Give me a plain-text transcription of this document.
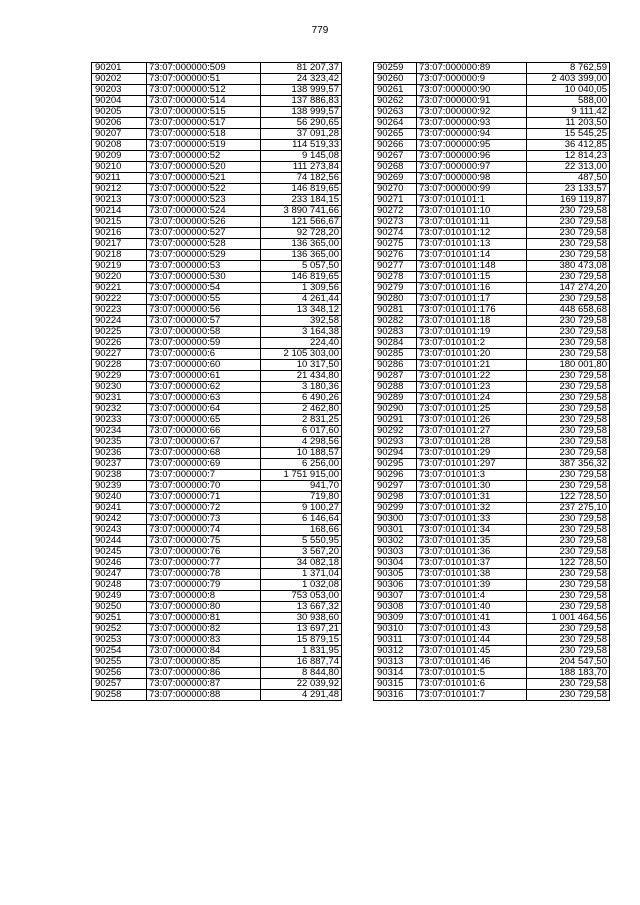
779
90201	73:07:000000:509	81 207,37
90202	73:07:000000:51	24 323,42
90203	73:07:000000:512	138 999,57
90204	73:07:000000:514	137 886,83
90205	73:07:000000:515	138 999,57
90206	73:07:000000:517	56 290,65
90207	73:07:000000:518	37 091,28
90208	73:07:000000:519	114 519,33
90209	73:07:000000:52	9 145,08
90210	73:07:000000:520	111 273,84
90211	73:07:000000:521	74 182,56
90212	73:07:000000:522	146 819,65
90213	73:07:000000:523	233 184,15
90214	73:07:000000:524	3 890 741,66
90215	73:07:000000:526	121 566,67
90216	73:07:000000:527	92 728,20
90217	73:07:000000:528	136 365,00
90218	73:07:000000:529	136 365,00
90219	73:07:000000:53	5 057,50
90220	73:07:000000:530	146 819,65
90221	73:07:000000:54	1 309,56
90222	73:07:000000:55	4 261,44
90223	73:07:000000:56	13 348,12
90224	73:07:000000:57	392,58
90225	73:07:000000:58	3 164,38
90226	73:07:000000:59	224,40
90227	73:07:000000:6	2 105 303,00
90228	73:07:000000:60	10 317,50
90229	73:07:000000:61	21 434,80
90230	73:07:000000:62	3 180,36
90231	73:07:000000:63	6 490,26
90232	73:07:000000:64	2 462,80
90233	73:07:000000:65	2 831,25
90234	73:07:000000:66	6 017,60
90235	73:07:000000:67	4 298,56
90236	73:07:000000:68	10 188,57
90237	73:07:000000:69	6 256,00
90238	73:07:000000:7	1 751 915,00
90239	73:07:000000:70	941,70
90240	73:07:000000:71	719,80
90241	73:07:000000:72	9 100,27
90242	73:07:000000:73	6 146,64
90243	73:07:000000:74	168,66
90244	73:07:000000:75	5 550,95
90245	73:07:000000:76	3 567,20
90246	73:07:000000:77	34 082,18
90247	73:07:000000:78	1 371,04
90248	73:07:000000:79	1 032,08
90249	73:07:000000:8	753 053,00
90250	73:07:000000:80	13 667,32
90251	73:07:000000:81	30 938,60
90252	73:07:000000:82	13 697,21
90253	73:07:000000:83	15 879,15
90254	73:07:000000:84	1 831,95
90255	73:07:000000:85	16 887,74
90256	73:07:000000:86	8 844,80
90257	73:07:000000:87	22 039,92
90258	73:07:000000:88	4 291,48
90259	73:07:000000:89	8 762,59
90260	73:07:000000:9	2 403 399,00
90261	73:07:000000:90	10 040,05
90262	73:07:000000:91	588,00
90263	73:07:000000:92	9 111,42
90264	73:07:000000:93	11 203,50
90265	73:07:000000:94	15 545,25
90266	73:07:000000:95	36 412,85
90267	73:07:000000:96	12 814,23
90268	73:07:000000:97	22 313,00
90269	73:07:000000:98	487,50
90270	73:07:000000:99	23 133,57
90271	73:07:010101:1	169 119,87
90272	73:07:010101:10	230 729,58
90273	73:07:010101:11	230 729,58
90274	73:07:010101:12	230 729,58
90275	73:07:010101:13	230 729,58
90276	73:07:010101:14	230 729,58
90277	73:07:010101:148	380 473,08
90278	73:07:010101:15	230 729,58
90279	73:07:010101:16	147 274,20
90280	73:07:010101:17	230 729,58
90281	73:07:010101:176	448 658,68
90282	73:07:010101:18	230 729,58
90283	73:07:010101:19	230 729,58
90284	73:07:010101:2	230 729,58
90285	73:07:010101:20	230 729,58
90286	73:07:010101:21	180 001,80
90287	73:07:010101:22	230 729,58
90288	73:07:010101:23	230 729,58
90289	73:07:010101:24	230 729,58
90290	73:07:010101:25	230 729,58
90291	73:07:010101:26	230 729,58
90292	73:07:010101:27	230 729,58
90293	73:07:010101:28	230 729,58
90294	73:07:010101:29	230 729,58
90295	73:07:010101:297	387 356,32
90296	73:07:010101:3	230 729,58
90297	73:07:010101:30	230 729,58
90298	73:07:010101:31	122 728,50
90299	73:07:010101:32	237 275,10
90300	73:07:010101:33	230 729,58
90301	73:07:010101:34	230 729,58
90302	73:07:010101:35	230 729,58
90303	73:07:010101:36	230 729,58
90304	73:07:010101:37	122 728,50
90305	73:07:010101:38	230 729,58
90306	73:07:010101:39	230 729,58
90307	73:07:010101:4	230 729,58
90308	73:07:010101:40	230 729,58
90309	73:07:010101:41	1 001 464,56
90310	73:07:010101:43	230 729,58
90311	73:07:010101:44	230 729,58
90312	73:07:010101:45	230 729,58
90313	73:07:010101:46	204 547,50
90314	73:07:010101:5	188 183,70
90315	73:07:010101:6	230 729,58
90316	73:07:010101:7	230 729,58
